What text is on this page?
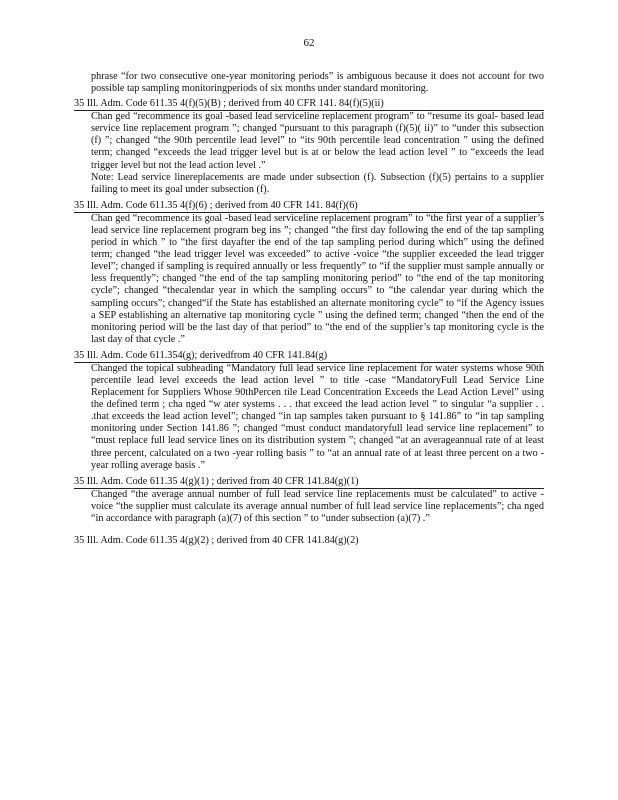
62

phrase “for two consecutive one-year monitoring periods” is ambiguous because it does not account for two possible tap sampling monitoringperiods of six months under standard monitoring.

35 Ill. Adm. Code 611.35 4(f)(5)(B) ; derived from 40 CFR 141. 84(f)(5)(ii)

Chan ged “recommence its goal -based lead serviceline replacement program” to “resume its goal- based lead service line replacement program ”; changed “pursuant to this paragraph (f)(5)( ii)” to “under this subsection (f) ”; changed “the 90th percentile lead level” to “its 90th percentile lead concentration ” using the defined term; changed “exceeds the lead trigger level but is at or below the lead action level ” to “exceeds the lead trigger level but not the lead action level .”

Note: Lead service linereplacements are made under subsection (f). Subsection (f)(5) pertains to a supplier failing to meet its goal under subsection (f).

35 Ill. Adm. Code 611.35 4(f)(6) ; derived from 40 CFR 141. 84(f)(6)

Chan ged “recommence its goal -based lead serviceline replacement program” to “the first year of a supplier’s lead service line replacement program beg ins ”; changed “the first day following the end of the tap sampling period in which ” to “the first dayafter the end of the tap sampling period during which” using the defined term; changed “the lead trigger level was exceeded” to active -voice “the supplier exceeded the lead trigger level”; changed if sampling is required annually or less frequently” to “if the supplier must sample annually or less frequently”; changed “the end of the tap sampling monitoring period” to “the end of the tap monitoring cycle”; changed “thecalendar year in which the sampling occurs” to “the calendar year during which the sampling occurs”; changed“if the State has established an alternate monitoring cycle” to “if the Agency issues a SEP establishing an alternative tap monitoring cycle ” using the defined term; changed “then the end of the monitoring period will be the last day of that period” to “the end of the supplier’s tap monitoring cycle is the last day of that cycle .”

35 Ill. Adm. Code 611.354(g); derivedfrom 40 CFR 141.84(g)

Changed the topical subheading “Mandatory full lead service line replacement for water systems whose 90th percentile lead level exceeds the lead action level ” to title -case “MandatoryFull Lead Service Line Replacement for Suppliers Whose 90thPercen tile Lead Concentration Exceeds the Lead Action Level” using the defined term ; cha nged “w ater systems . . . that exceed the lead action level ” to singular “a supplier . . .that exceeds the lead action level”; changed “in tap samples taken pursuant to § 141.86” to “in tap sampling monitoring under Section 141.86 ”; changed “must conduct mandatoryfull lead service line replacement” to “must replace full lead service lines on its distribution system ”; changed “at an averageannual rate of at least three percent, calculated on a two -year rolling basis ” to “at an annual rate of at least three percent on a two - year rolling average basis .”

35 Ill. Adm. Code 611.35 4(g)(1) ; derived from 40 CFR 141.84(g)(1)

Changed “the average annual number of full lead service line replacements must be calculated” to active -voice “the supplier must calculate its average annual number of full lead service line replacements”; cha nged “in accordance with paragraph (a)(7) of this section ” to “under subsection (a)(7) .”

35 Ill. Adm. Code 611.35 4(g)(2) ; derived from 40 CFR 141.84(g)(2)
